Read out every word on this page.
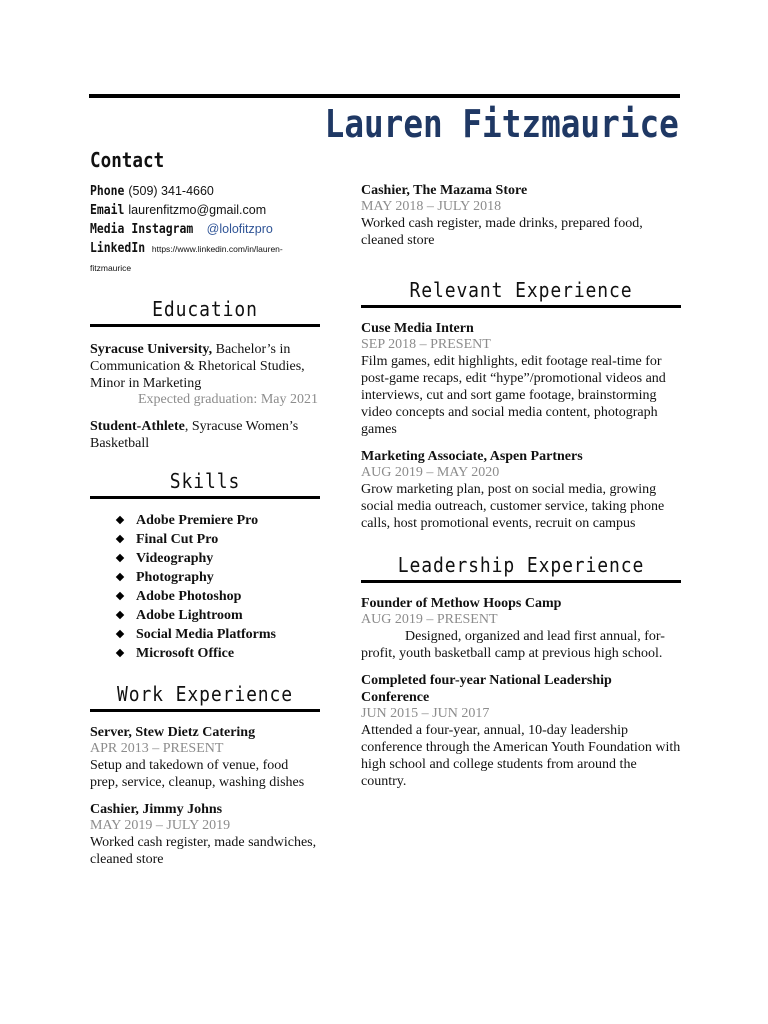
Lauren Fitzmaurice
Contact
Phone (509) 341-4660
Email laurenfitzmo@gmail.com
Media Instagram @lolofitzpro
LinkedIn https://www.linkedin.com/in/lauren-fitzmaurice
Education
Syracuse University, Bachelor’s in Communication & Rhetorical Studies, Minor in Marketing
Expected graduation: May 2021
Student-Athlete, Syracuse Women’s Basketball
Skills
Adobe Premiere Pro
Final Cut Pro
Videography
Photography
Adobe Photoshop
Adobe Lightroom
Social Media Platforms
Microsoft Office
Work Experience
Server, Stew Dietz Catering
APR 2013 – PRESENT
Setup and takedown of venue, food prep, service, cleanup, washing dishes
Cashier, Jimmy Johns
MAY 2019 – JULY 2019
Worked cash register, made sandwiches, cleaned store
Cashier, The Mazama Store
MAY 2018 – JULY 2018
Worked cash register, made drinks, prepared food, cleaned store
Relevant Experience
Cuse Media Intern
SEP 2018 – PRESENT
Film games, edit highlights, edit footage real-time for post-game recaps, edit “hype”/promotional videos and interviews, cut and sort game footage, brainstorming video concepts and social media content, photograph games
Marketing Associate, Aspen Partners
AUG 2019 – MAY 2020
Grow marketing plan, post on social media, growing social media outreach, customer service, taking phone calls, host promotional events, recruit on campus
Leadership Experience
Founder of Methow Hoops Camp
AUG 2019 – PRESENT
Designed, organized and lead first annual, for-profit, youth basketball camp at previous high school.
Completed four-year National Leadership Conference
JUN 2015 – JUN 2017
Attended a four-year, annual, 10-day leadership conference through the American Youth Foundation with high school and college students from around the country.
